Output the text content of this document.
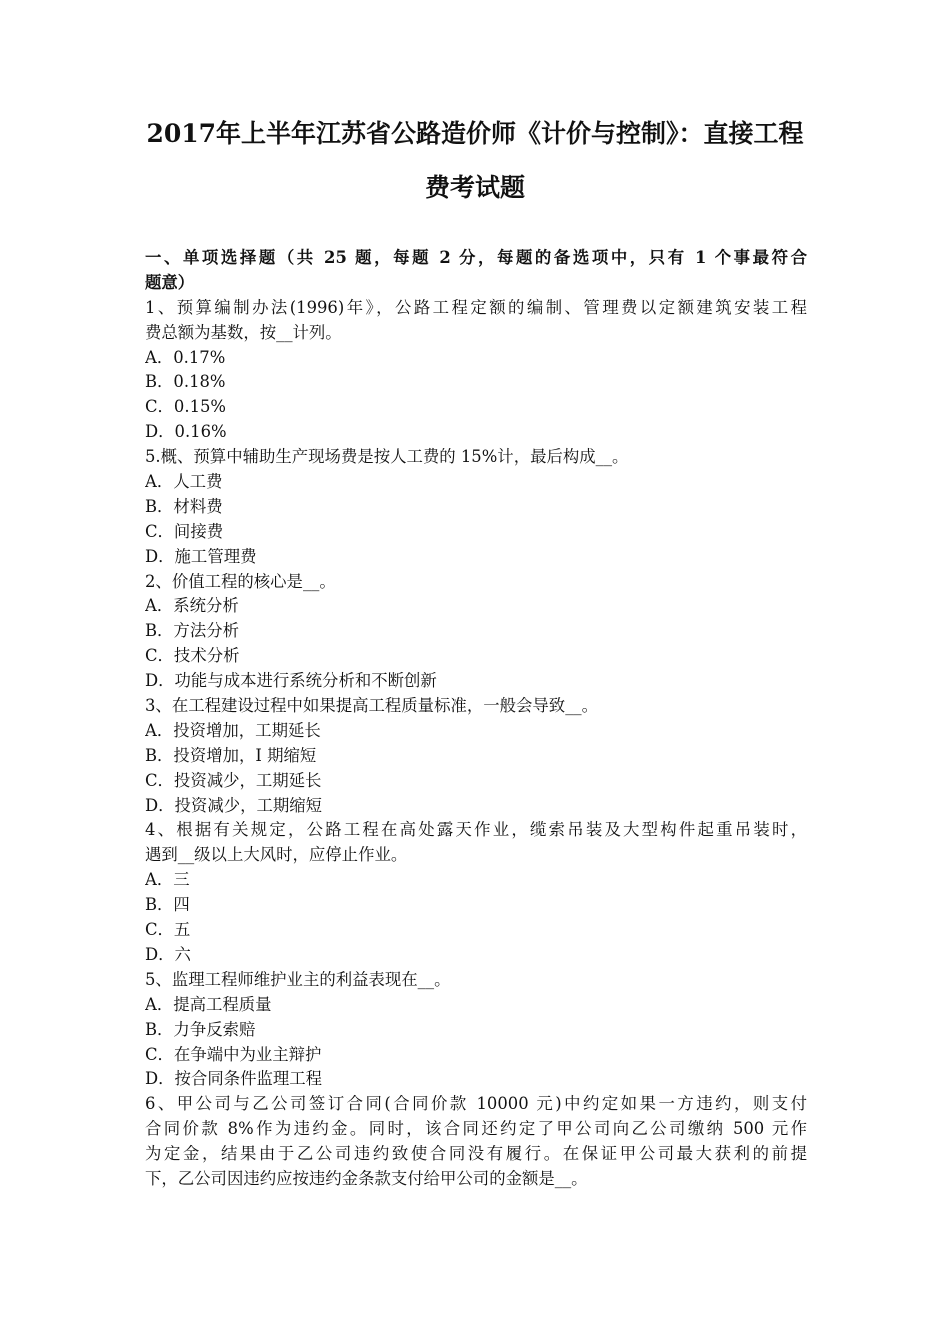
2017年上半年江苏省公路造价师《计价与控制》：直接工程
费考试题
一、单项选择题（共 25 题，每题 2 分，每题的备选项中，只有 1 个事最符合
题意）
1、预算编制办法(1996)年》，公路工程定额的编制、管理费以定额建筑安装工程
费总额为基数，按__计列。
A．0.17%
B．0.18%
C．0.15%
D．0.16%
5.概、预算中辅助生产现场费是按人工费的 15%计，最后构成__。
A．人工费
B．材料费
C．间接费
D．施工管理费
2、价值工程的核心是__。
A．系统分析
B．方法分析
C．技术分析
D．功能与成本进行系统分析和不断创新
3、在工程建设过程中如果提高工程质量标准，一般会导致__。
A．投资增加，工期延长
B．投资增加，I 期缩短
C．投资减少，工期延长
D．投资减少，工期缩短
4、根据有关规定，公路工程在高处露天作业，缆索吊装及大型构件起重吊装时，
遇到__级以上大风时，应停止作业。
A．三
B．四
C．五
D．六
5、监理工程师维护业主的利益表现在__。
A．提高工程质量
B．力争反索赔
C．在争端中为业主辩护
D．按合同条件监理工程
6、甲公司与乙公司签订合同(合同价款 10000 元)中约定如果一方违约，则支付
合同价款 8%作为违约金。同时，该合同还约定了甲公司向乙公司缴纳 500 元作
为定金，结果由于乙公司违约致使合同没有履行。在保证甲公司最大获利的前提
下，乙公司因违约应按违约金条款支付给甲公司的金额是__。
